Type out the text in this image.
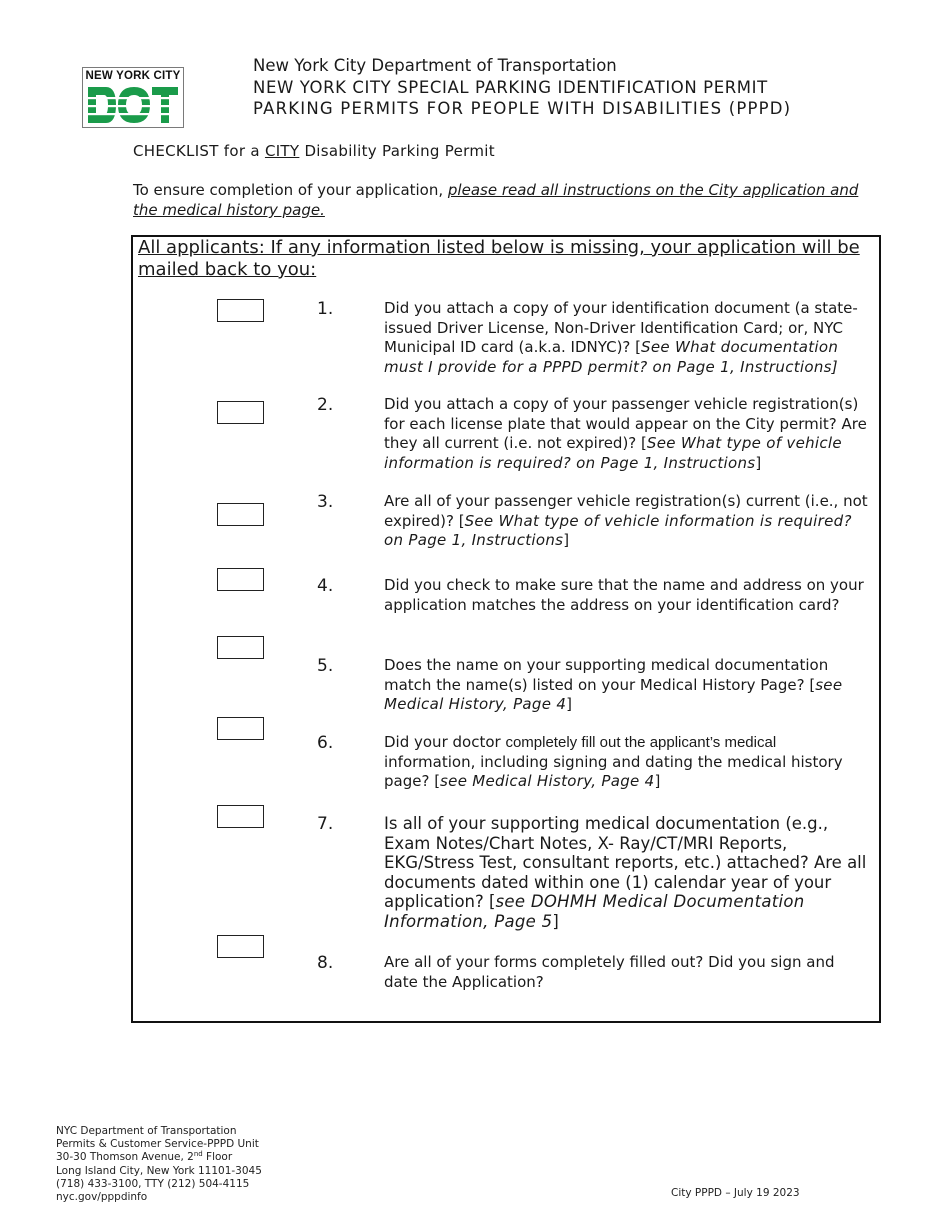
NEW YORK CITY
New York City Department of Transportation
NEW YORK CITY SPECIAL PARKING IDENTIFICATION PERMIT
PARKING PERMITS FOR PEOPLE WITH DISABILITIES (PPPD)
CHECKLIST for a CITY Disability Parking Permit
To ensure completion of your application, please read all instructions on the City application and the medical history page.
All applicants: If any information listed below is missing, your application will be mailed back to you:
1.	Did you attach a copy of your identification document (a state-issued Driver License, Non-Driver Identification Card; or, NYC Municipal ID card (a.k.a. IDNYC)? [See What documentation must I provide for a PPPD permit? on Page 1, Instructions]
2.	Did you attach a copy of your passenger vehicle registration(s) for each license plate that would appear on the City permit? Are they all current (i.e. not expired)? [See What type of vehicle information is required? on Page 1, Instructions]
3.	Are all of your passenger vehicle registration(s) current (i.e., not expired)? [See What type of vehicle information is required? on Page 1, Instructions]
4.	Did you check to make sure that the name and address on your application matches the address on your identification card?
5.	Does the name on your supporting medical documentation match the name(s) listed on your Medical History Page? [see Medical History, Page 4]
6.	Did your doctor completely fill out the applicant’s medical information, including signing and dating the medical history page? [see Medical History, Page 4]
7.	Is all of your supporting medical documentation (e.g., Exam Notes/Chart Notes, X- Ray/CT/MRI Reports, EKG/Stress Test, consultant reports, etc.) attached? Are all documents dated within one (1) calendar year of your application? [see DOHMH Medical Documentation Information, Page 5]
8.	Are all of your forms completely filled out? Did you sign and date the Application?
NYC Department of Transportation
Permits & Customer Service-PPPD Unit
30-30 Thomson Avenue, 2nd Floor
Long Island City, New York 11101-3045
(718) 433-3100, TTY (212) 504-4115
nyc.gov/pppdinfo	City PPPD – July 19 2023
